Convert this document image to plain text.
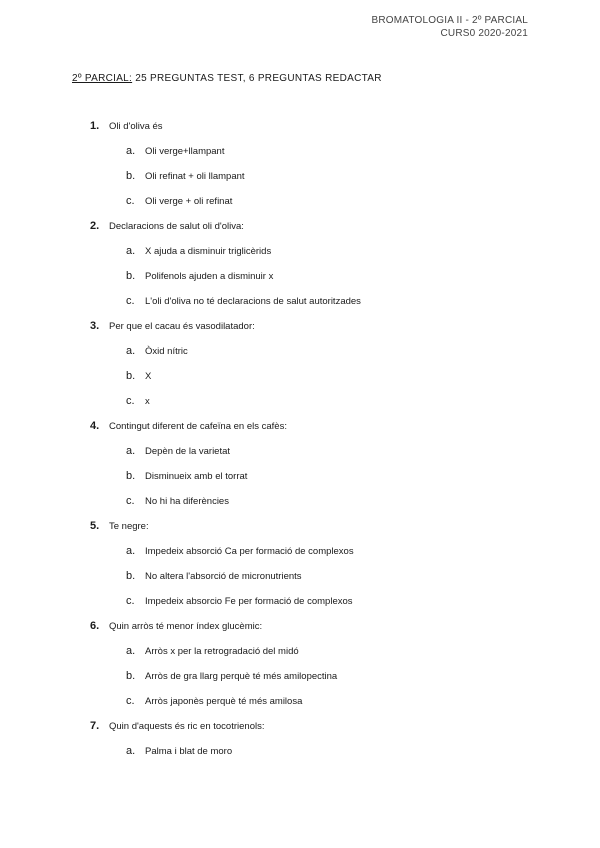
BROMATOLOGIA II - 2º PARCIAL
CURS0 2020-2021
2º PARCIAL: 25 PREGUNTAS TEST, 6 PREGUNTAS REDACTAR
1.	Oli d'oliva és
a.	Oli verge+llampant
b.	Oli refinat + oli llampant
c.	Oli verge + oli refinat
2.	Declaracions de salut oli d'oliva:
a.	X ajuda a disminuir triglicèrids
b.	Polifenols ajuden a disminuir x
c.	L'oli d'oliva no té declaracions de salut autoritzades
3.	Per que el cacau és vasodilatador:
a.	Òxid nítric
b.	X
c.	x
4.	Contingut diferent de cafeïna en els cafès:
a.	Depèn de la varietat
b.	Disminueix amb el torrat
c.	No hi ha diferències
5.	Te negre:
a.	Impedeix absorció Ca per formació de complexos
b.	No altera l'absorció de micronutrients
c.	Impedeix absorcio Fe per formació de complexos
6.	Quin arròs té menor índex glucèmic:
a.	Arròs x per la retrogradació del midó
b.	Arròs de gra llarg perquè té més amilopectina
c.	Arròs japonès perquè té més amilosa
7.	Quin d'aquests és ric en tocotrienols:
a.	Palma i blat de moro
